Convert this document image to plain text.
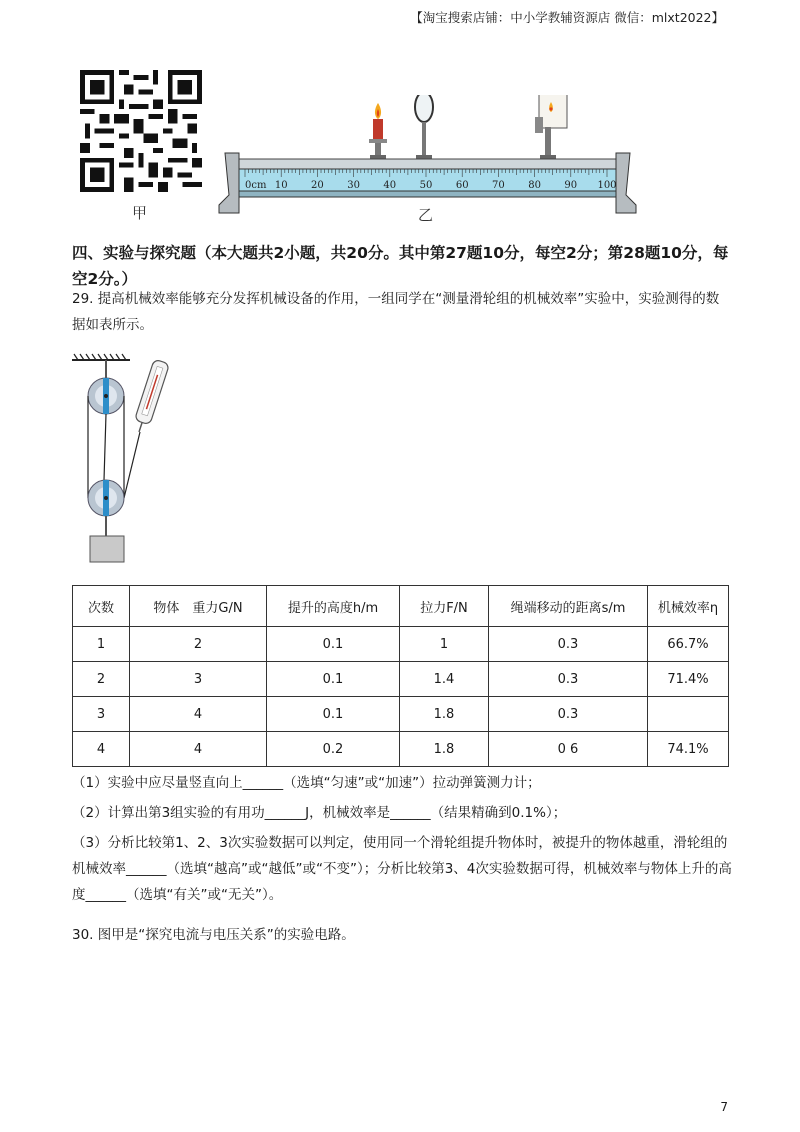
【淘宝搜索店铺：中小学教辅资源店 微信：mlxt2022】
甲
0cm 10 20 30 40 50 60 70 80 90 100
乙
四、实验与探究题（本大题共2小题，共20分。其中第27题10分，每空2分；第28题10分，每空2分。）
29. 提高机械效率能够充分发挥机械设备的作用，一组同学在“测量滑轮组的机械效率”实验中，实验测得的数据如表所示。
次数	物体　重力G/N	提升的高度h/m	拉力F/N	绳端移动的距离s/m	机械效率η
1	2	0.1	1	0.3	66.7%
2	3	0.1	1.4	0.3	71.4%
3	4	0.1	1.8	0.3	
4	4	0.2	1.8	0 6	74.1%
（1）实验中应尽量竖直向上______（选填“匀速”或“加速”）拉动弹簧测力计；
（2）计算出第3组实验的有用功______J，机械效率是______（结果精确到0.1%）；
（3）分析比较第1、2、3次实验数据可以判定，使用同一个滑轮组提升物体时，被提升的物体越重，滑轮组的机械效率______（选填“越高”或“越低”或“不变”）；分析比较第3、4次实验数据可得，机械效率与物体上升的高度______（选填“有关”或“无关”）。
30. 图甲是“探究电流与电压关系”的实验电路。
7
